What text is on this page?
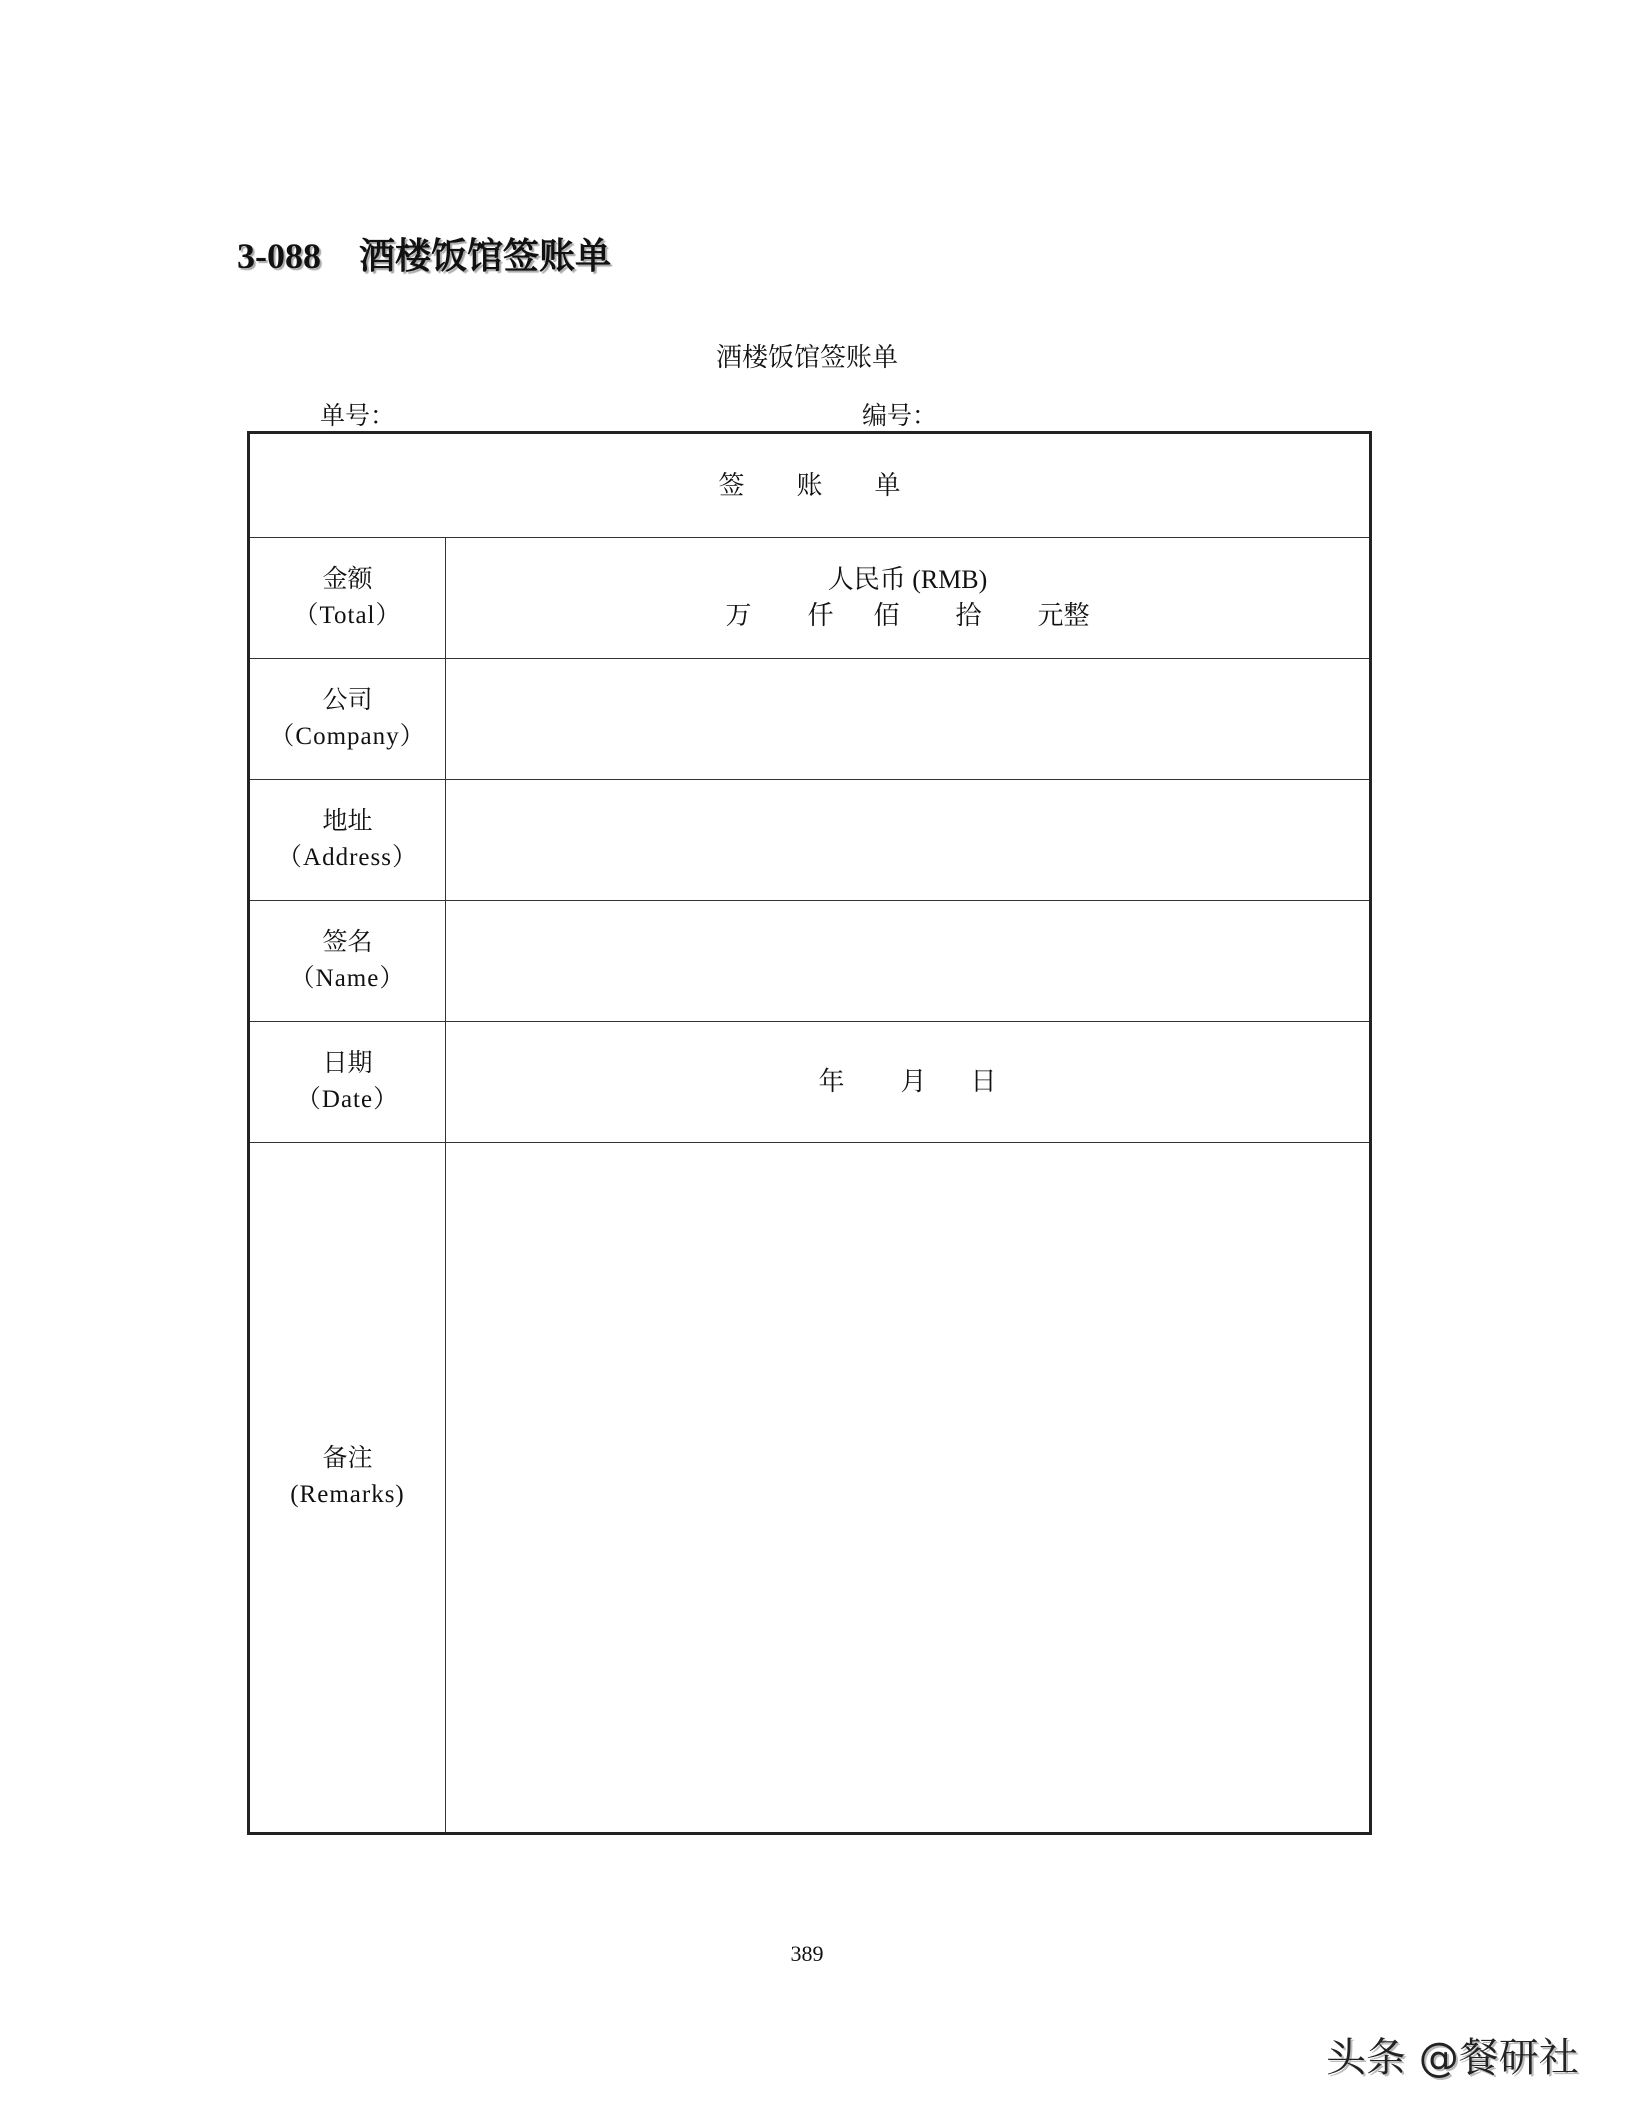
3-088 酒楼饭馆签账单
酒楼饭馆签账单
单号：	编号：
签 账 单
金额
（Total）
公司
（Company）
地址
（Address）
签名
（Name）
日期
（Date）
备注
(Remarks)
人民币 (RMB)
万 仟 佰 拾 元整
年 月 日
389
头条 @餐研社
